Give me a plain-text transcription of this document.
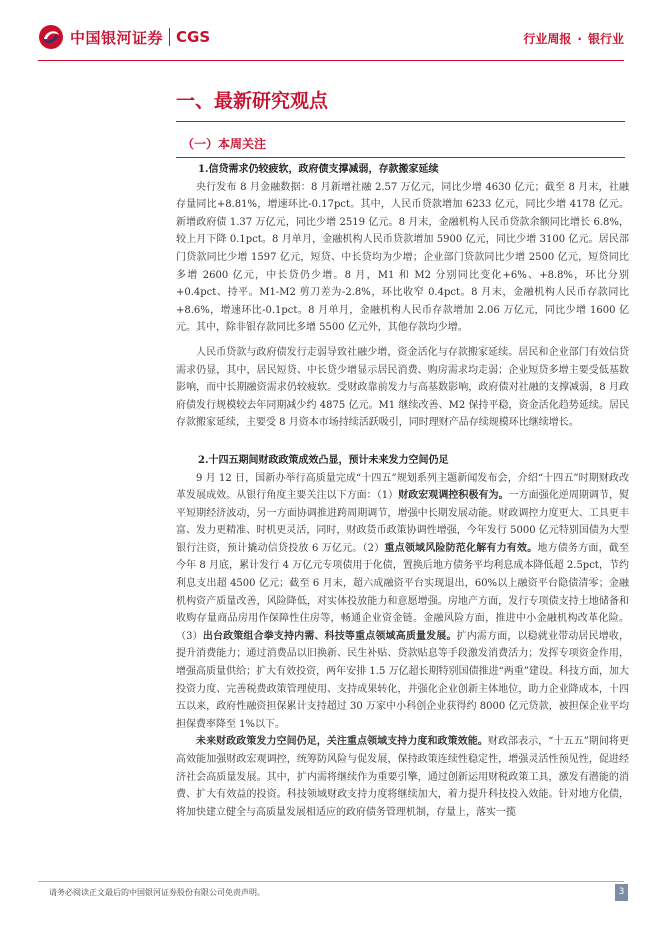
中国银河证券 CGS	行业周报 · 银行业
一、最新研究观点
（一）本周关注

1.信贷需求仍较疲软，政府债支撑减弱，存款搬家延续

央行发布 8 月金融数据：8 月新增社融 2.57 万亿元，同比少增 4630 亿元；截至 8 月末，社融存量同比+8.81%，增速环比-0.17pct。其中，人民币贷款增加 6233 亿元，同比少增 4178 亿元。新增政府债 1.37 万亿元，同比少增 2519 亿元。8 月末，金融机构人民币贷款余额同比增长 6.8%，较上月下降 0.1pct。8 月单月，金融机构人民币贷款增加 5900 亿元，同比少增 3100 亿元。居民部门贷款同比少增 1597 亿元，短贷、中长贷均为少增；企业部门贷款同比少增 2500 亿元，短贷同比多增 2600 亿元，中长贷仍少增。8 月，M1 和 M2 分别同比变化+6%、+8.8%，环比分别+0.4pct、持平。M1-M2 剪刀差为-2.8%，环比收窄 0.4pct。8 月末，金融机构人民币存款同比+8.6%，增速环比-0.1pct。8 月单月，金融机构人民币存款增加 2.06 万亿元，同比少增 1600 亿元。其中，除非银存款同比多增 5500 亿元外，其他存款均少增。

人民币贷款与政府债发行走弱导致社融少增，资金活化与存款搬家延续。居民和企业部门有效信贷需求仍显，其中，居民短贷、中长贷少增显示居民消费、购房需求均走弱；企业短贷多增主要受低基数影响，而中长期融资需求仍较疲软。受财政靠前发力与高基数影响，政府债对社融的支撑减弱，8 月政府债发行规模较去年同期减少约 4875 亿元。M1 继续改善、M2 保持平稳，资金活化趋势延续。居民存款搬家延续，主要受 8 月资本市场持续活跃吸引，同时理财产品存续规模环比继续增长。

2.十四五期间财政政策成效凸显，预计未来发力空间仍足

9 月 12 日，国新办举行高质量完成“十四五”规划系列主题新闻发布会，介绍“十四五”时期财政改革发展成效。从银行角度主要关注以下方面：（1）财政宏观调控积极有为。一方面强化逆周期调节，熨平短期经济波动，另一方面协调推进跨周期调节，增强中长期发展动能。财政调控力度更大、工具更丰富、发力更精准、时机更灵活，同时，财政货币政策协调性增强，今年发行 5000 亿元特别国债为大型银行注资，预计撬动信贷投放 6 万亿元。（2）重点领域风险防范化解有力有效。地方债务方面，截至今年 8 月底，累计发行 4 万亿元专项债用于化债，置换后地方债务平均利息成本降低超 2.5pct，节约利息支出超 4500 亿元；截至 6 月末，超六成融资平台实现退出，60%以上融资平台隐债清零；金融机构资产质量改善，风险降低，对实体投放能力和意愿增强。房地产方面，发行专项债支持土地储备和收购存量商品房用作保障性住房等，畅通企业资金链。金融风险方面，推进中小金融机构改革化险。（3）出台政策组合拳支持内需、科技等重点领域高质量发展。扩内需方面，以稳就业带动居民增收，提升消费能力；通过消费品以旧换新、民生补贴、贷款贴息等手段激发消费活力；发挥专项资金作用，增强高质量供给；扩大有效投资，两年安排 1.5 万亿超长期特别国债推进“两重”建设。科技方面，加大投资力度、完善税费政策管理使用、支持成果转化，并强化企业创新主体地位，助力企业降成本，十四五以来，政府性融资担保累计支持超过 30 万家中小科创企业获得约 8000 亿元贷款，被担保企业平均担保费率降至 1%以下。

未来财政政策发力空间仍足，关注重点领域支持力度和政策效能。财政部表示，“十五五”期间将更高效能加强财政宏观调控，统筹防风险与促发展，保持政策连续性稳定性，增强灵活性预见性，促进经济社会高质量发展。其中，扩内需将继续作为重要引擎，通过创新运用财税政策工具，激发有潜能的消费、扩大有效益的投资。科技领域财政支持力度将继续加大，着力提升科技投入效能。针对地方化债，将加快建立健全与高质量发展相适应的政府债务管理机制，存量上，落实一揽

请务必阅读正文最后的中国银河证券股份有限公司免责声明。	3
